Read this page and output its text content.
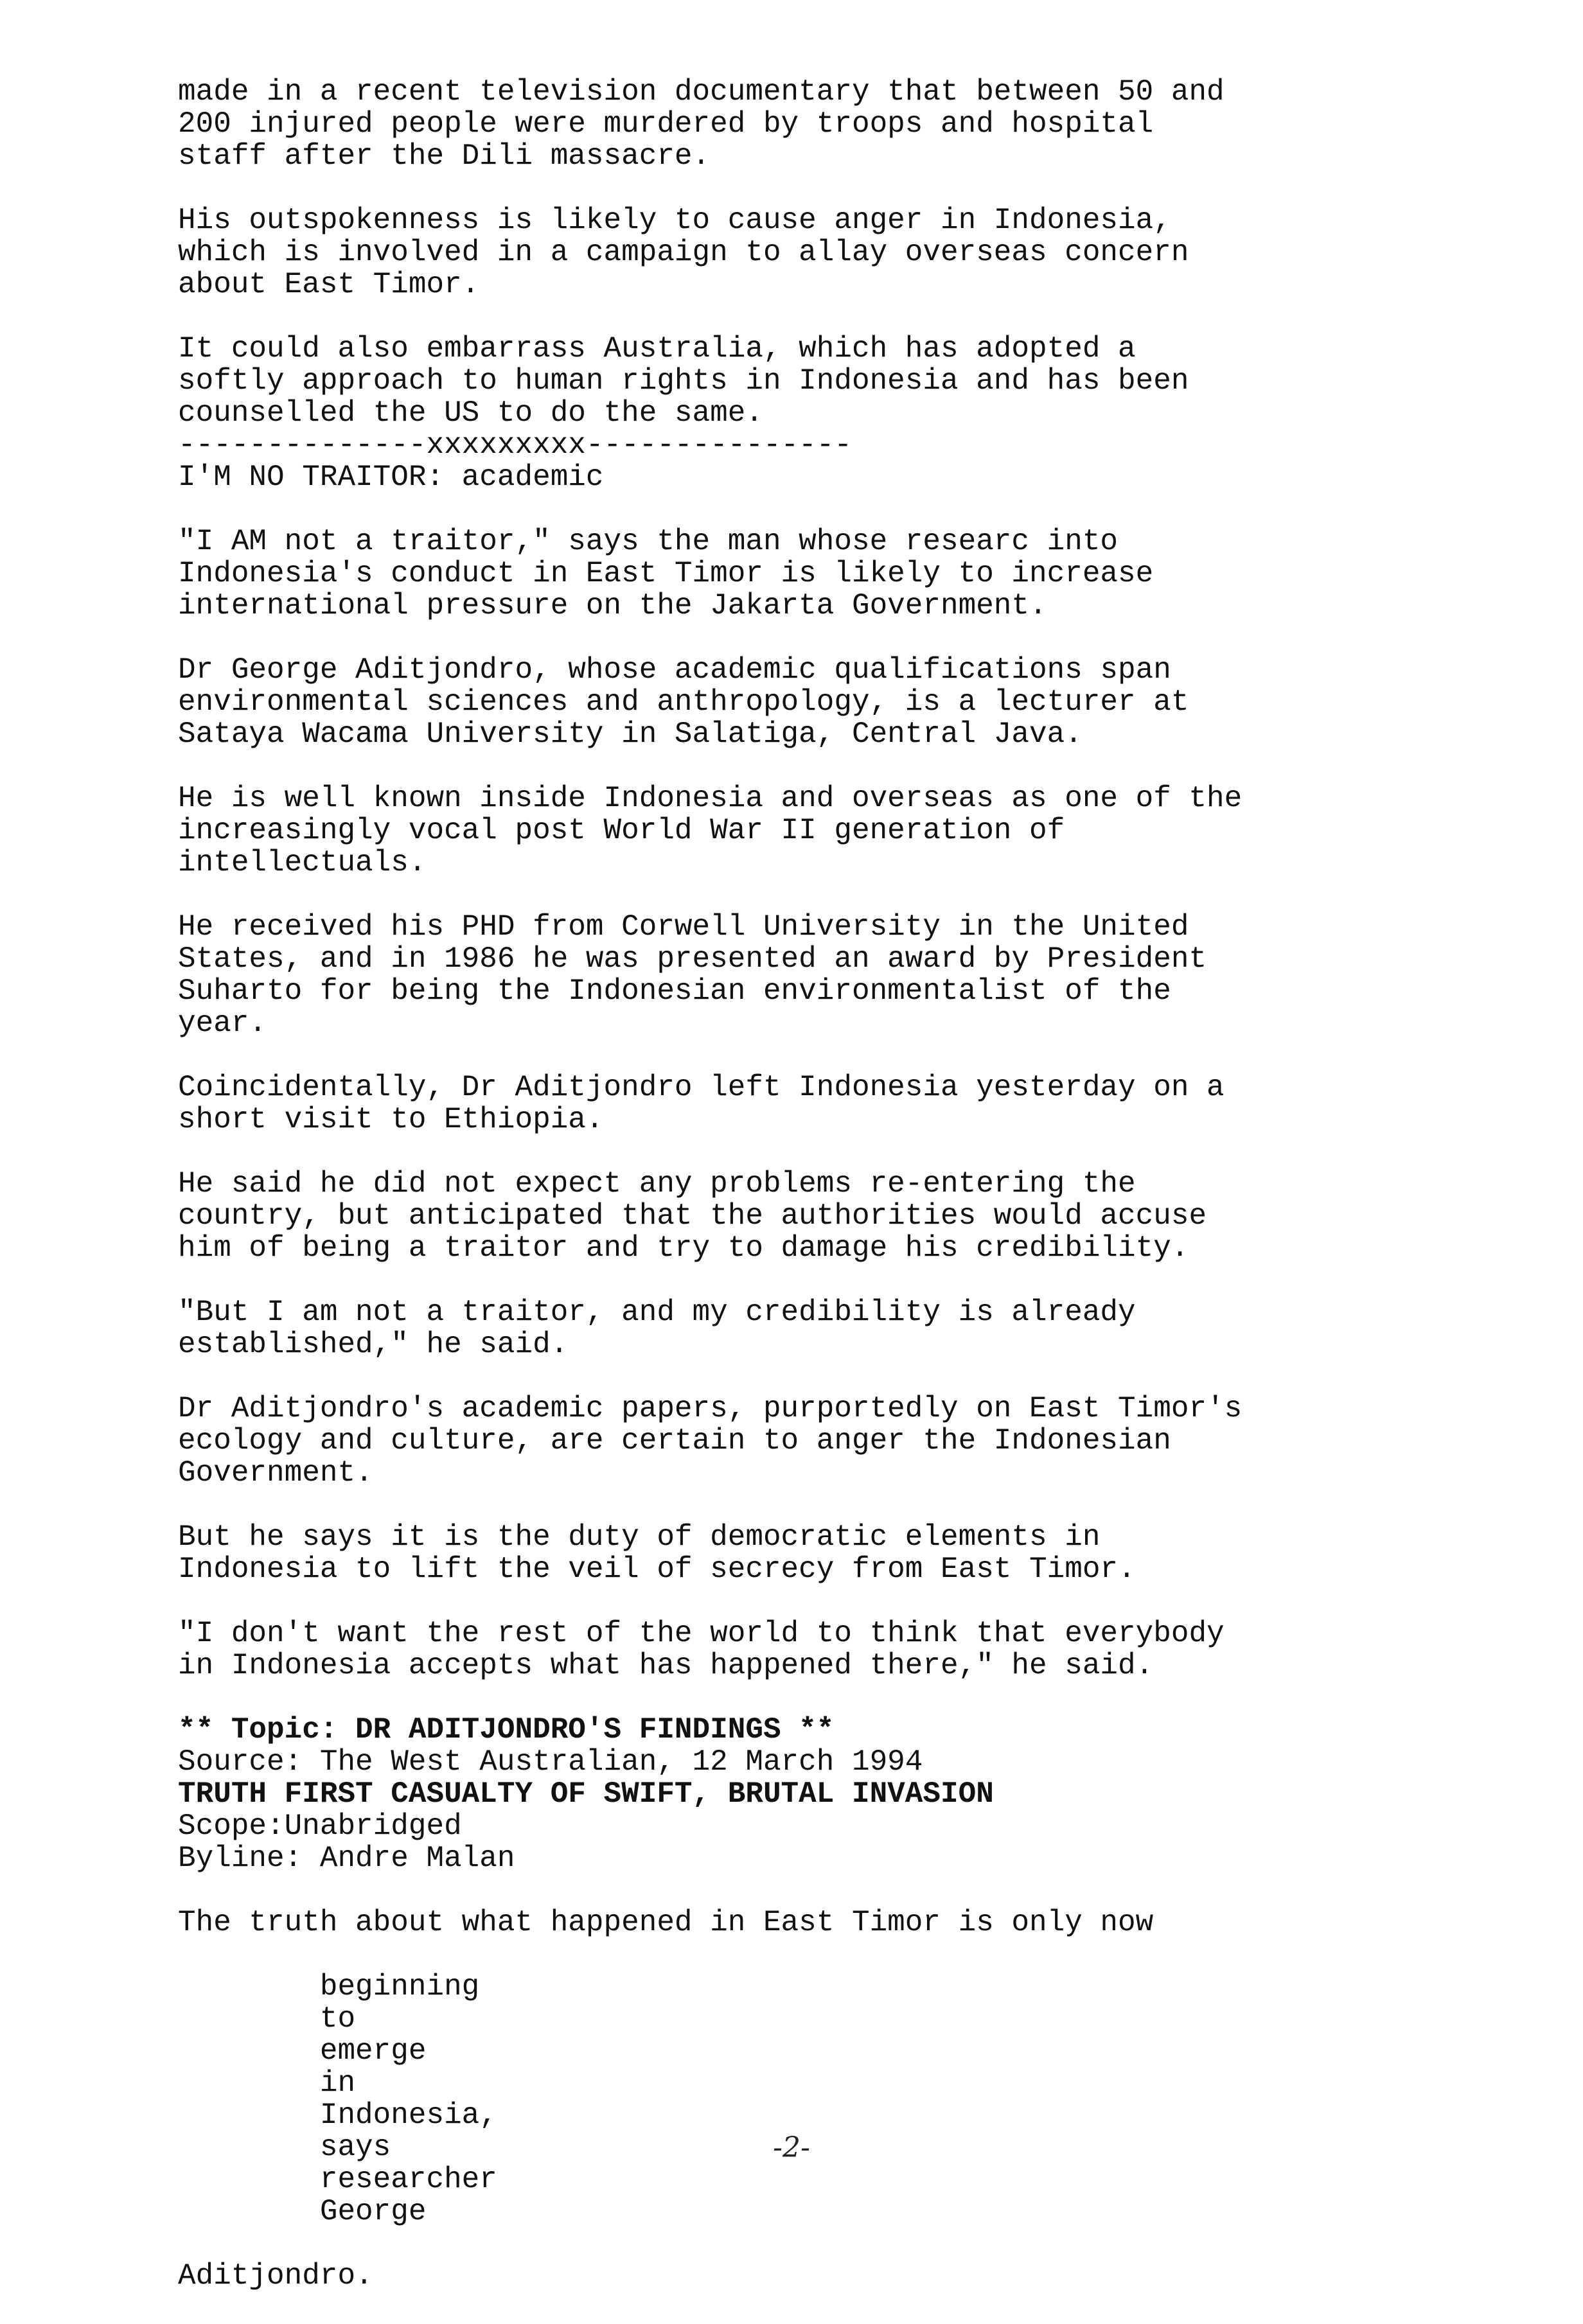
made in a recent television documentary that between 50 and
200 injured people were murdered by troops and hospital
staff after the Dili massacre.

His outspokenness is likely to cause anger in Indonesia,
which is involved in a campaign to allay overseas concern
about East Timor.

It could also embarrass Australia, which has adopted a
softly approach to human rights in Indonesia and has been
counselled the US to do the same.
--------------xxxxxxxxx---------------

I'M NO TRAITOR: academic

"I AM not a traitor," says the man whose researc into
Indonesia's conduct in East Timor is likely to increase
international pressure on the Jakarta Government.

Dr George Aditjondro, whose academic qualifications span
environmental sciences and anthropology, is a lecturer at
Sataya Wacama University in Salatiga, Central Java.

He is well known inside Indonesia and overseas as one of the
increasingly vocal post World War II generation of
intellectuals.

He received his PHD from Corwell University in the United
States, and in 1986 he was presented an award by President
Suharto for being the Indonesian environmentalist of the
year.

Coincidentally, Dr Aditjondro left Indonesia yesterday on a
short visit to Ethiopia.

He said he did not expect any problems re-entering the
country, but anticipated that the authorities would accuse
him of being a traitor and try to damage his credibility.

"But I am not a traitor, and my credibility is already
established," he said.

Dr Aditjondro's academic papers, purportedly on East Timor's
ecology and culture, are certain to anger the Indonesian
Government.

But he says it is the duty of democratic elements in
Indonesia to lift the veil of secrecy from East Timor.

"I don't want the rest of the world to think that everybody
in Indonesia accepts what has happened there," he said.

** Topic: DR ADITJONDRO'S FINDINGS **
Source: The West Australian, 12 March 1994
TRUTH FIRST CASUALTY OF SWIFT, BRUTAL INVASION
Scope:Unabridged
Byline: Andre Malan

The truth about what happened in East Timor is only now

beginning
to
emerge
in
Indonesia,
says
researcher
George

Aditjondro.

-2-
